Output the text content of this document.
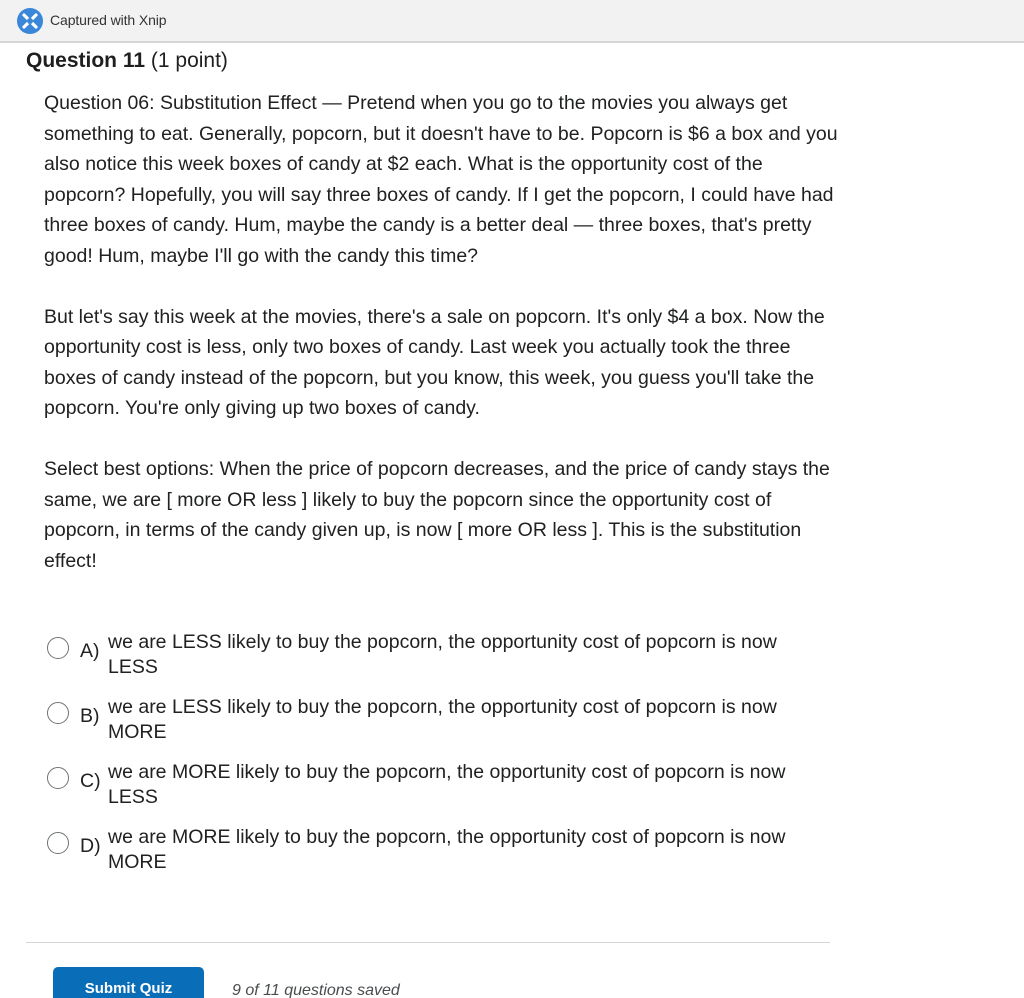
Captured with Xnip
Question 11 (1 point)

Question 06: Substitution Effect — Pretend when you go to the movies you always get something to eat. Generally, popcorn, but it doesn't have to be. Popcorn is $6 a box and you also notice this week boxes of candy at $2 each. What is the opportunity cost of the popcorn? Hopefully, you will say three boxes of candy. If I get the popcorn, I could have had three boxes of candy. Hum, maybe the candy is a better deal — three boxes, that's pretty good! Hum, maybe I'll go with the candy this time?

But let's say this week at the movies, there's a sale on popcorn. It's only $4 a box. Now the opportunity cost is less, only two boxes of candy. Last week you actually took the three boxes of candy instead of the popcorn, but you know, this week, you guess you'll take the popcorn. You're only giving up two boxes of candy.

Select best options: When the price of popcorn decreases, and the price of candy stays the same, we are [ more OR less ] likely to buy the popcorn since the opportunity cost of popcorn, in terms of the candy given up, is now [ more OR less ]. This is the substitution effect!

A) we are LESS likely to buy the popcorn, the opportunity cost of popcorn is now LESS
B) we are LESS likely to buy the popcorn, the opportunity cost of popcorn is now MORE
C) we are MORE likely to buy the popcorn, the opportunity cost of popcorn is now LESS
D) we are MORE likely to buy the popcorn, the opportunity cost of popcorn is now MORE
Submit Quiz	9 of 11 questions saved
